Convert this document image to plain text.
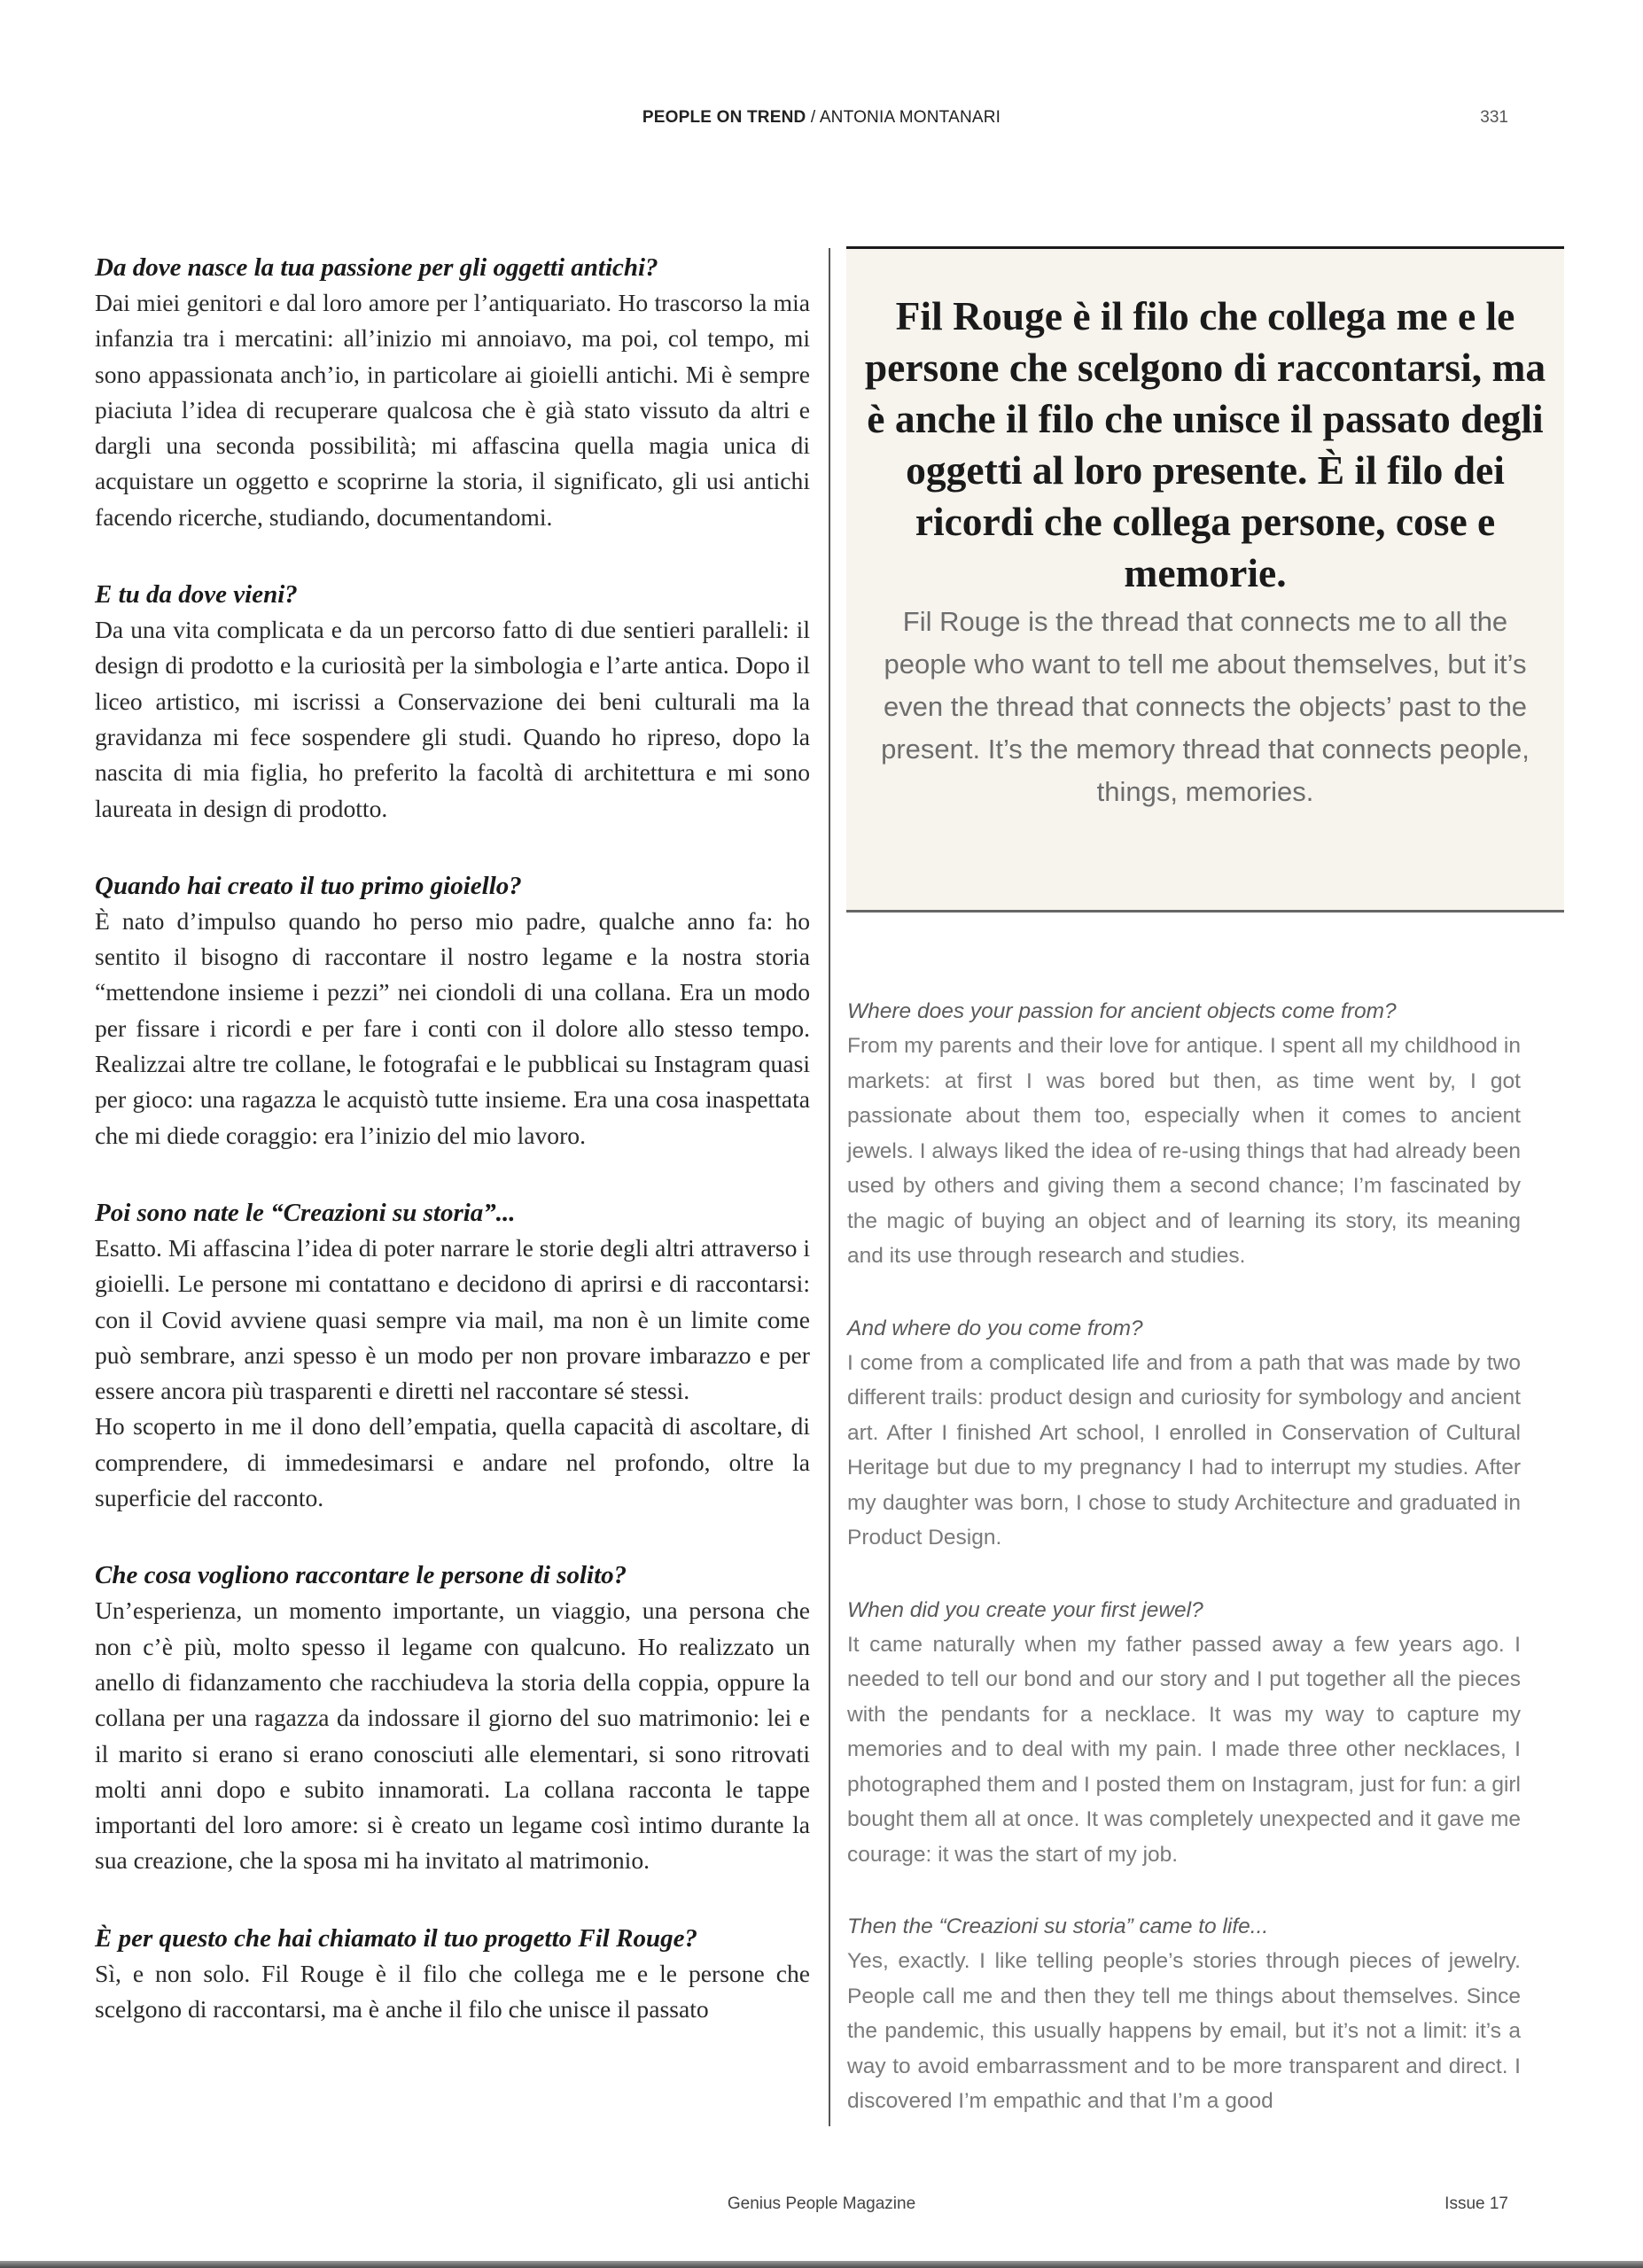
PEOPLE ON TREND / ANTONIA MONTANARI	331

Da dove nasce la tua passione per gli oggetti antichi?

Dai miei genitori e dal loro amore per l’antiquariato. Ho trascorso la mia infanzia tra i mercatini: all’inizio mi annoiavo, ma poi, col tempo, mi sono appassionata anch’io, in particolare ai gioielli antichi. Mi è sempre piaciuta l’idea di recuperare qualcosa che è già stato vissuto da altri e dargli una seconda possibilità; mi affascina quella magia unica di acquistare un oggetto e scoprirne la storia, il significato, gli usi antichi facendo ricerche, studiando, documentandomi.

E tu da dove vieni?

Da una vita complicata e da un percorso fatto di due sentieri paralleli: il design di prodotto e la curiosità per la simbologia e l’arte antica. Dopo il liceo artistico, mi iscrissi a Conservazione dei beni culturali ma la gravidanza mi fece sospendere gli studi. Quando ho ripreso, dopo la nascita di mia figlia, ho preferito la facoltà di architettura e mi sono laureata in design di prodotto.

Quando hai creato il tuo primo gioiello?

È nato d’impulso quando ho perso mio padre, qualche anno fa: ho sentito il bisogno di raccontare il nostro legame e la nostra storia “mettendone insieme i pezzi” nei ciondoli di una collana. Era un modo per fissare i ricordi e per fare i conti con il dolore allo stesso tempo. Realizzai altre tre collane, le fotografai e le pubblicai su Instagram quasi per gioco: una ragazza le acquistò tutte insieme. Era una cosa inaspettata che mi diede coraggio: era l’inizio del mio lavoro.

Poi sono nate le “Creazioni su storia”...

Esatto. Mi affascina l’idea di poter narrare le storie degli altri attraverso i gioielli. Le persone mi contattano e decidono di aprirsi e di raccontarsi: con il Covid avviene quasi sempre via mail, ma non è un limite come può sembrare, anzi spesso è un modo per non provare imbarazzo e per essere ancora più trasparenti e diretti nel raccontare sé stessi.

Ho scoperto in me il dono dell’empatia, quella capacità di ascoltare, di comprendere, di immedesimarsi e andare nel profondo, oltre la superficie del racconto.

Che cosa vogliono raccontare le persone di solito?

Un’esperienza, un momento importante, un viaggio, una persona che non c’è più, molto spesso il legame con qualcuno. Ho realizzato un anello di fidanzamento che racchiudeva la storia della coppia, oppure la collana per una ragazza da indossare il giorno del suo matrimonio: lei e il marito si erano si erano conosciuti alle elementari, si sono ritrovati molti anni dopo e subito innamorati. La collana racconta le tappe importanti del loro amore: si è creato un legame così intimo durante la sua creazione, che la sposa mi ha invitato al matrimonio.

È per questo che hai chiamato il tuo progetto Fil Rouge?

Sì, e non solo. Fil Rouge è il filo che collega me e le persone che scelgono di raccontarsi, ma è anche il filo che unisce il passato

Fil Rouge è il filo che collega me e le persone che scelgono di raccontarsi, ma è anche il filo che unisce il passato degli oggetti al loro presente. È il filo dei ricordi che collega persone, cose e memorie.

Fil Rouge is the thread that connects me to all the people who want to tell me about themselves, but it’s even the thread that connects the objects’ past to the present. It’s the memory thread that connects people, things, memories.

Where does your passion for ancient objects come from?

From my parents and their love for antique. I spent all my childhood in markets: at first I was bored but then, as time went by, I got passionate about them too, especially when it comes to ancient jewels. I always liked the idea of re-using things that had already been used by others and giving them a second chance; I’m fascinated by the magic of buying an object and of learning its story, its meaning and its use through research and studies.

And where do you come from?

I come from a complicated life and from a path that was made by two different trails: product design and curiosity for symbology and ancient art. After I finished Art school, I enrolled in Conservation of Cultural Heritage but due to my pregnancy I had to interrupt my studies. After my daughter was born, I chose to study Architecture and graduated in Product Design.

When did you create your first jewel?

It came naturally when my father passed away a few years ago. I needed to tell our bond and our story and I put together all the pieces with the pendants for a necklace. It was my way to capture my memories and to deal with my pain. I made three other necklaces, I photographed them and I posted them on Instagram, just for fun: a girl bought them all at once. It was completely unexpected and it gave me courage: it was the start of my job.

Then the “Creazioni su storia” came to life...

Yes, exactly. I like telling people’s stories through pieces of jewelry. People call me and then they tell me things about themselves. Since the pandemic, this usually happens by email, but it’s not a limit: it’s a way to avoid embarrassment and to be more transparent and direct. I discovered I’m empathic and that I’m a good

Genius People Magazine	Issue 17
